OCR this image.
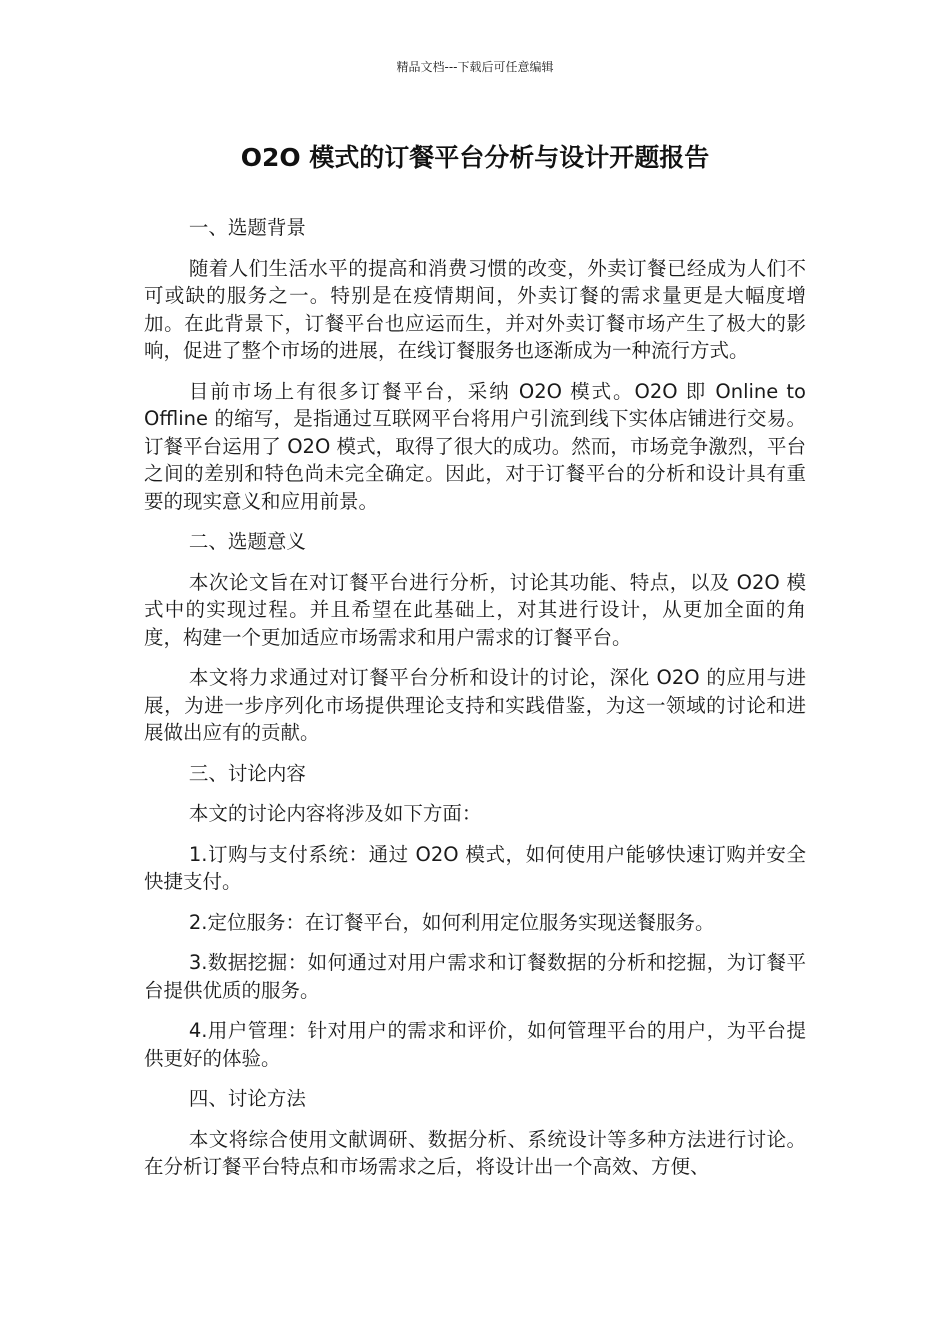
精品文档---下载后可任意编辑
O2O 模式的订餐平台分析与设计开题报告

一、选题背景

随着人们生活水平的提高和消费习惯的改变，外卖订餐已经成为人们不可或缺的服务之一。特别是在疫情期间，外卖订餐的需求量更是大幅度增加。在此背景下，订餐平台也应运而生，并对外卖订餐市场产生了极大的影响，促进了整个市场的进展，在线订餐服务也逐渐成为一种流行方式。

目前市场上有很多订餐平台，采纳 O2O 模式。O2O 即 Online to Offline 的缩写，是指通过互联网平台将用户引流到线下实体店铺进行交易。订餐平台运用了 O2O 模式，取得了很大的成功。然而，市场竞争激烈，平台之间的差别和特色尚未完全确定。因此，对于订餐平台的分析和设计具有重要的现实意义和应用前景。

二、选题意义

本次论文旨在对订餐平台进行分析，讨论其功能、特点，以及 O2O 模式中的实现过程。并且希望在此基础上，对其进行设计，从更加全面的角度，构建一个更加适应市场需求和用户需求的订餐平台。

本文将力求通过对订餐平台分析和设计的讨论，深化 O2O 的应用与进展，为进一步序列化市场提供理论支持和实践借鉴，为这一领域的讨论和进展做出应有的贡献。

三、讨论内容

本文的讨论内容将涉及如下方面：

1.订购与支付系统：通过 O2O 模式，如何使用户能够快速订购并安全快捷支付。

2.定位服务：在订餐平台，如何利用定位服务实现送餐服务。

3.数据挖掘：如何通过对用户需求和订餐数据的分析和挖掘，为订餐平台提供优质的服务。

4.用户管理：针对用户的需求和评价，如何管理平台的用户，为平台提供更好的体验。

四、讨论方法

本文将综合使用文献调研、数据分析、系统设计等多种方法进行讨论。在分析订餐平台特点和市场需求之后，将设计出一个高效、方便、
